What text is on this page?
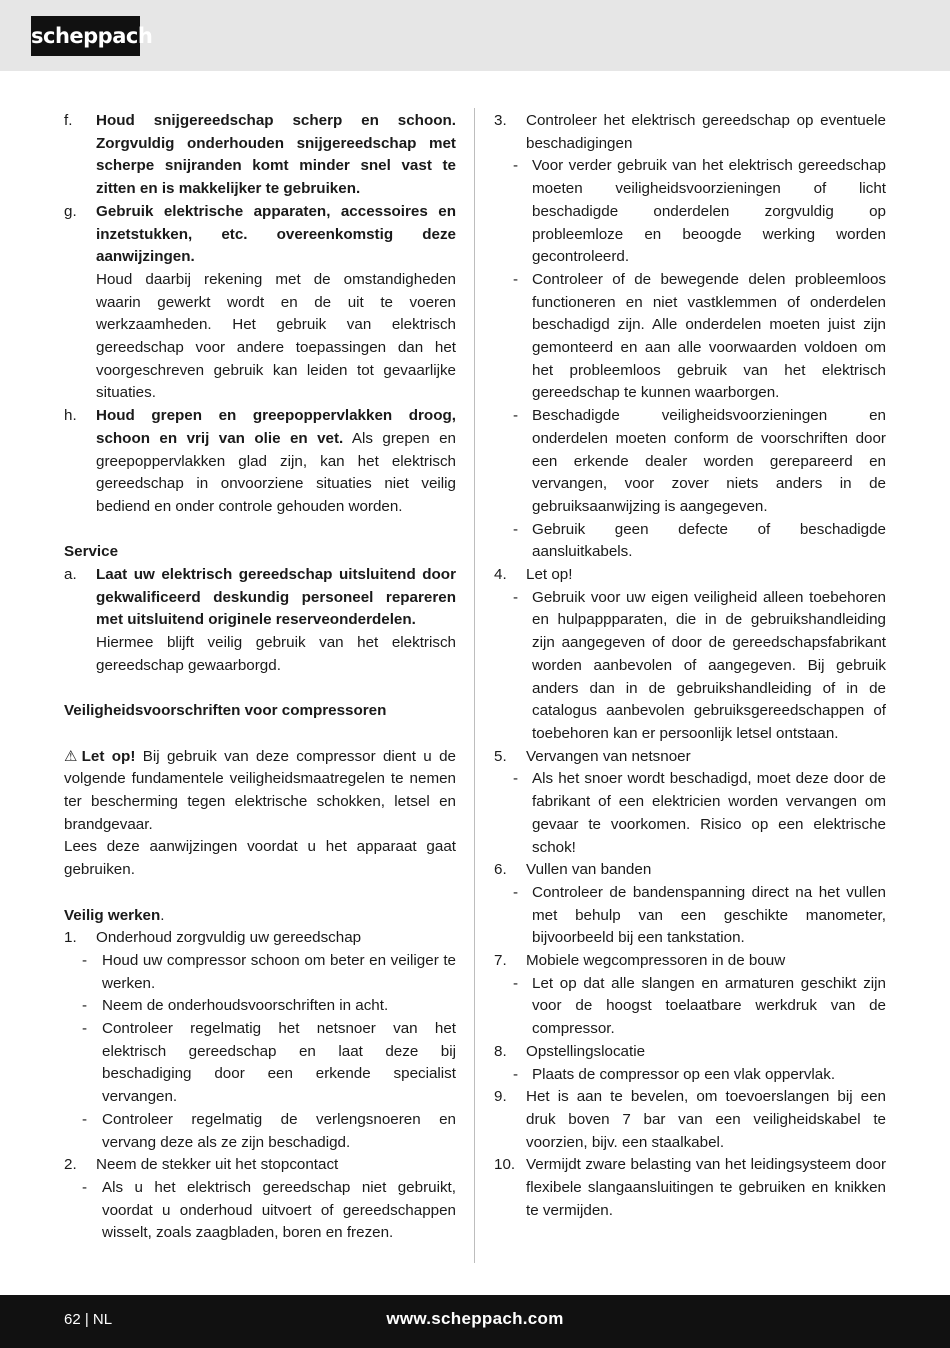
scheppach
f.	Houd snijgereedschap scherp en schoon. Zorgvuldig onderhouden snijgereedschap met scherpe snijranden komt minder snel vast te zitten en is makkelijker te gebruiken.
g.	Gebruik elektrische apparaten, accessoires en inzetstukken, etc. overeenkomstig deze aanwijzingen.
Houd daarbij rekening met de omstandigheden waarin gewerkt wordt en de uit te voeren werkzaamheden. Het gebruik van elektrisch gereedschap voor andere toepassingen dan het voorgeschreven gebruik kan leiden tot gevaarlijke situaties.
h.	Houd grepen en greepoppervlakken droog, schoon en vrij van olie en vet. Als grepen en greepoppervlakken glad zijn, kan het elektrisch gereedschap in onvoorziene situaties niet veilig bediend en onder controle gehouden worden.
Service
a.	Laat uw elektrisch gereedschap uitsluitend door gekwalificeerd deskundig personeel repareren met uitsluitend originele reserveonderdelen.
Hiermee blijft veilig gebruik van het elektrisch gereedschap gewaarborgd.
Veiligheidsvoorschriften voor compressoren
⚠ Let op! Bij gebruik van deze compressor dient u de volgende fundamentele veiligheidsmaatregelen te nemen ter bescherming tegen elektrische schokken, letsel en brandgevaar.
Lees deze aanwijzingen voordat u het apparaat gaat gebruiken.
Veilig werken.
1.	Onderhoud zorgvuldig uw gereedschap
- Houd uw compressor schoon om beter en veiliger te werken.
- Neem de onderhoudsvoorschriften in acht.
- Controleer regelmatig het netsnoer van het elektrisch gereedschap en laat deze bij beschadiging door een erkende specialist vervangen.
- Controleer regelmatig de verlengsnoeren en vervang deze als ze zijn beschadigd.
2.	Neem de stekker uit het stopcontact
- Als u het elektrisch gereedschap niet gebruikt, voordat u onderhoud uitvoert of gereedschappen wisselt, zoals zaagbladen, boren en frezen.
3.	Controleer het elektrisch gereedschap op eventuele beschadigingen
- Voor verder gebruik van het elektrisch gereedschap moeten veiligheidsvoorzieningen of licht beschadigde onderdelen zorgvuldig op probleemloze en beoogde werking worden gecontroleerd.
- Controleer of de bewegende delen probleemloos functioneren en niet vastklemmen of onderdelen beschadigd zijn. Alle onderdelen moeten juist zijn gemonteerd en aan alle voorwaarden voldoen om het probleemloos gebruik van het elektrisch gereedschap te kunnen waarborgen.
- Beschadigde veiligheidsvoorzieningen en onderdelen moeten conform de voorschriften door een erkende dealer worden gerepareerd en vervangen, voor zover niets anders in de gebruiksaanwijzing is aangegeven.
- Gebruik geen defecte of beschadigde aansluitkabels.
4.	Let op!
- Gebruik voor uw eigen veiligheid alleen toebehoren en hulpappparaten, die in de gebruikshandleiding zijn aangegeven of door de gereedschapsfabrikant worden aanbevolen of aangegeven. Bij gebruik anders dan in de gebruikshandleiding of in de catalogus aanbevolen gebruiksgereedschappen of toebehoren kan er persoonlijk letsel ontstaan.
5.	Vervangen van netsnoer
- Als het snoer wordt beschadigd, moet deze door de fabrikant of een elektricien worden vervangen om gevaar te voorkomen. Risico op een elektrische schok!
6.	Vullen van banden
- Controleer de bandenspanning direct na het vullen met behulp van een geschikte manometer, bijvoorbeeld bij een tankstation.
7.	Mobiele wegcompressoren in de bouw
- Let op dat alle slangen en armaturen geschikt zijn voor de hoogst toelaatbare werkdruk van de compressor.
8.	Opstellingslocatie
- Plaats de compressor op een vlak oppervlak.
9.	Het is aan te bevelen, om toevoerslangen bij een druk boven 7 bar van een veiligheidskabel te voorzien, bijv. een staalkabel.
10. Vermijdt zware belasting van het leidingsysteem door flexibele slangaansluitingen te gebruiken en knikken te vermijden.
62 | NL	www.scheppach.com
